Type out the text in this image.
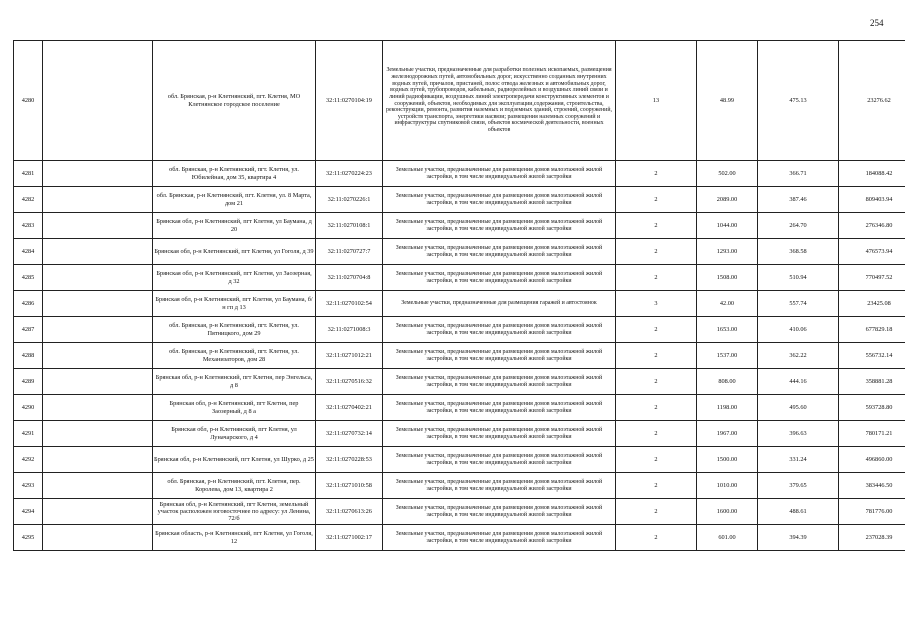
254
4280		обл. Брянская, р-н Клетнянский, пгт. Клетня, МО Клетнянское городское поселение	32:11:0270104:19	Земельные участки, предназначенные для разработки полезных ископаемых, размещения железнодорожных путей, автомобильных дорог, искусственно созданных внутренних водных путей, причалов, пристаней, полос отвода железных и автомобильных дорог, водных путей, трубопроводов, кабельных, радиорелейных и воздушных линий связи и линий радиофикации, воздушных линий электропередачи конструктивных элементов и сооружений, объектов, необходимых для эксплуатации,содержания, строительства, реконструкции, ремонта, развития наземных и подземных зданий, строений, сооружений, устройств транспорта, энергетики иасвязи; размещения наземных сооружений и инфраструктуры спутниковой связи, объектов космической деятельности, военных объектов	13	48.99	475.13	23276.62
4281		обл. Брянская, р-н Клетнянский, пгт. Клетня, ул. Юбилейная, дом 35, квартира 4	32:11:0270224:23	Земельные участки, предназначенные для размещения домов малоэтажной жилой застройки, в том числе индивидуальной жилой застройки	2	502.00	366.71	184088.42
4282		обл. Брянская, р-н Клетнянский, пгт. Клетня, ул. 8 Марта, дом 21	32:11:0270226:1	Земельные участки, предназначенные для размещения домов малоэтажной жилой застройки, в том числе индивидуальной жилой застройки	2	2089.00	387.46	809403.94
4283		Брянская обл, р-н Клетнянский, пгт Клетня, ул Баумана, д 20	32:11:0270108:1	Земельные участки, предназначенные для размещения домов малоэтажной жилой застройки, в том числе индивидуальной жилой застройки	2	1044.00	264.70	276346.80
4284		Брянская обл, р-н Клетнянский, пгт Клетня, ул Гоголя, д 39	32:11:0270727:7	Земельные участки, предназначенные для размещения домов малоэтажной жилой застройки, в том числе индивидуальной жилой застройки	2	1293.00	368.58	476573.94
4285		Брянская обл, р-н Клетнянский, пгт Клетня, ул Заозерная, д 32	32:11:0270704:8	Земельные участки, предназначенные для размещения домов малоэтажной жилой застройки, в том числе индивидуальной жилой застройки	2	1508.00	510.94	770497.52
4286		Брянская обл, р-н Клетнянский, пгт Клетня, ул Баумана, б/н гп д 13	32:11:0270102:54	Земельные участки, предназначенные для размещения гаражей и автостоянок	3	42.00	557.74	23425.08
4287		обл. Брянская, р-н Клетнянский, пгт. Клетня, ул. Пятницкого, дом 29	32:11:0271008:3	Земельные участки, предназначенные для размещения домов малоэтажной жилой застройки, в том числе индивидуальной жилой застройки	2	1653.00	410.06	677829.18
4288		обл. Брянская, р-н Клетнянский, пгт. Клетня, ул. Механизаторов, дом 28	32:11:0271012:21	Земельные участки, предназначенные для размещения домов малоэтажной жилой застройки, в том числе индивидуальной жилой застройки	2	1537.00	362.22	556732.14
4289		Брянская обл, р-н Клетнянский, пгт Клетня, пер Энгельса, д 8	32:11:0270516:32	Земельные участки, предназначенные для размещения домов малоэтажной жилой застройки, в том числе индивидуальной жилой застройки	2	808.00	444.16	358881.28
4290		Брянская обл, р-н Клетнянский, пгт Клетня, пер Заозерный, д 8 а	32:11:0270402:21	Земельные участки, предназначенные для размещения домов малоэтажной жилой застройки, в том числе индивидуальной жилой застройки	2	1198.00	495.60	593728.80
4291		Брянская обл, р-н Клетнянский, пгт Клетня, ул Луначарского, д 4	32:11:0270732:14	Земельные участки, предназначенные для размещения домов малоэтажной жилой застройки, в том числе индивидуальной жилой застройки	2	1967.00	396.63	780171.21
4292		Брянская обл, р-н Клетнянский, пгт Клетня, ул Шурко, д 25	32:11:0270228:53	Земельные участки, предназначенные для размещения домов малоэтажной жилой застройки, в том числе индивидуальной жилой застройки	2	1500.00	331.24	496860.00
4293		обл. Брянская, р-н Клетнянский, пгт. Клетня, пер. Королева, дом 13, квартира 2	32:11:0271010:58	Земельные участки, предназначенные для размещения домов малоэтажной жилой застройки, в том числе индивидуальной жилой застройки	2	1010.00	379.65	383446.50
4294		Брянская обл, р-н Клетнянский, пгт Клетня, земельный участок расположен юговосточнее по адресу: ул Ленина, 72/б	32:11:0270613:26	Земельные участки, предназначенные для размещения домов малоэтажной жилой застройки, в том числе индивидуальной жилой застройки	2	1600.00	488.61	781776.00
4295		Брянская область, р-н Клетнянский, пгт Клетня, ул Гоголя, 12	32:11:0271002:17	Земельные участки, предназначенные для размещения домов малоэтажной жилой застройки, в том числе индивидуальной жилой застройки	2	601.00	394.39	237028.39
